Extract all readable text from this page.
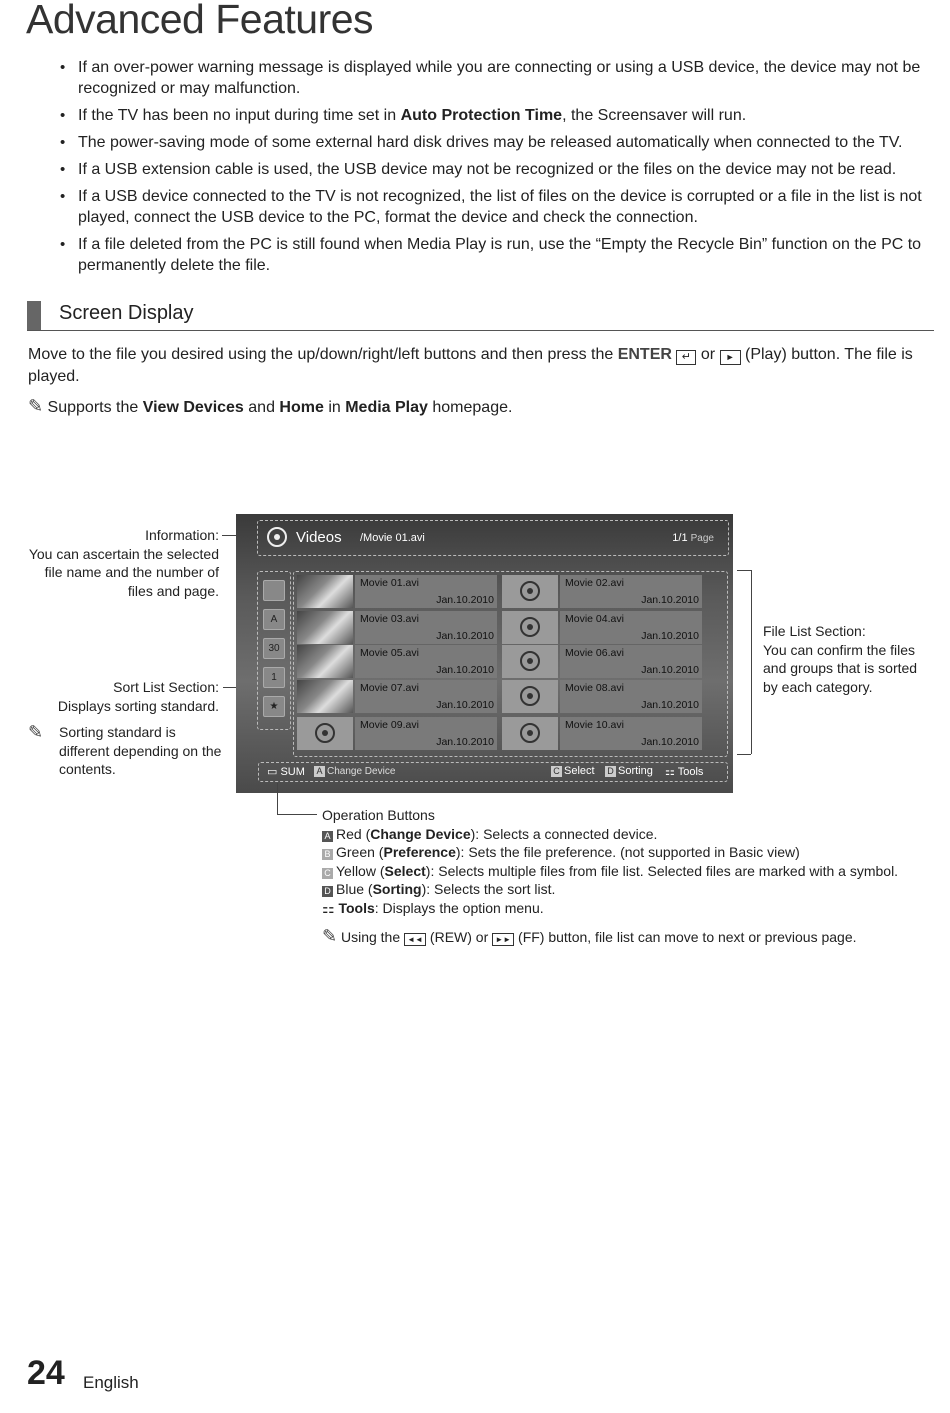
Advanced Features
• If an over-power warning message is displayed while you are connecting or using a USB device, the device may not be recognized or may malfunction.
• If the TV has been no input during time set in Auto Protection Time, the Screensaver will run.
• The power-saving mode of some external hard disk drives may be released automatically when connected to the TV.
• If a USB extension cable is used, the USB device may not be recognized or the files on the device may not be read.
• If a USB device connected to the TV is not recognized, the list of files on the device is corrupted or a file in the list is not played, connect the USB device to the PC, format the device and check the connection.
• If a file deleted from the PC is still found when Media Play is run, use the “Empty the Recycle Bin” function on the PC to permanently delete the file.
Screen Display
Move to the file you desired using the up/down/right/left buttons and then press the ENTER ↵ or ► (Play) button. The file is played.
✎ Supports the View Devices and Home in Media Play homepage.
Information:
You can ascertain the selected file name and the number of files and page.
Sort List Section:
Displays sorting standard.
✎ Sorting standard is different depending on the contents.
File List Section:
You can confirm the files and groups that is sorted by each category.
Videos /Movie 01.avi	1/1 Page
A
30
1
★
Movie 01.avi
Jan.10.2010
Movie 02.avi
Jan.10.2010
Movie 03.avi
Jan.10.2010
Movie 04.avi
Jan.10.2010
Movie 05.avi
Jan.10.2010
Movie 06.avi
Jan.10.2010
Movie 07.avi
Jan.10.2010
Movie 08.avi
Jan.10.2010
Movie 09.avi
Jan.10.2010
Movie 10.avi
Jan.10.2010
▭ SUM A Change Device	C Select D Sorting ⚏ Tools
Operation Buttons
A Red (Change Device): Selects a connected device.
B Green (Preference): Sets the file preference. (not supported in Basic view)
C Yellow (Select): Selects multiple files from file list. Selected files are marked with a symbol.
D Blue (Sorting): Selects the sort list.
⚏ Tools: Displays the option menu.
✎ Using the ◄◄ (REW) or ►► (FF) button, file list can move to next or previous page.
24 English
